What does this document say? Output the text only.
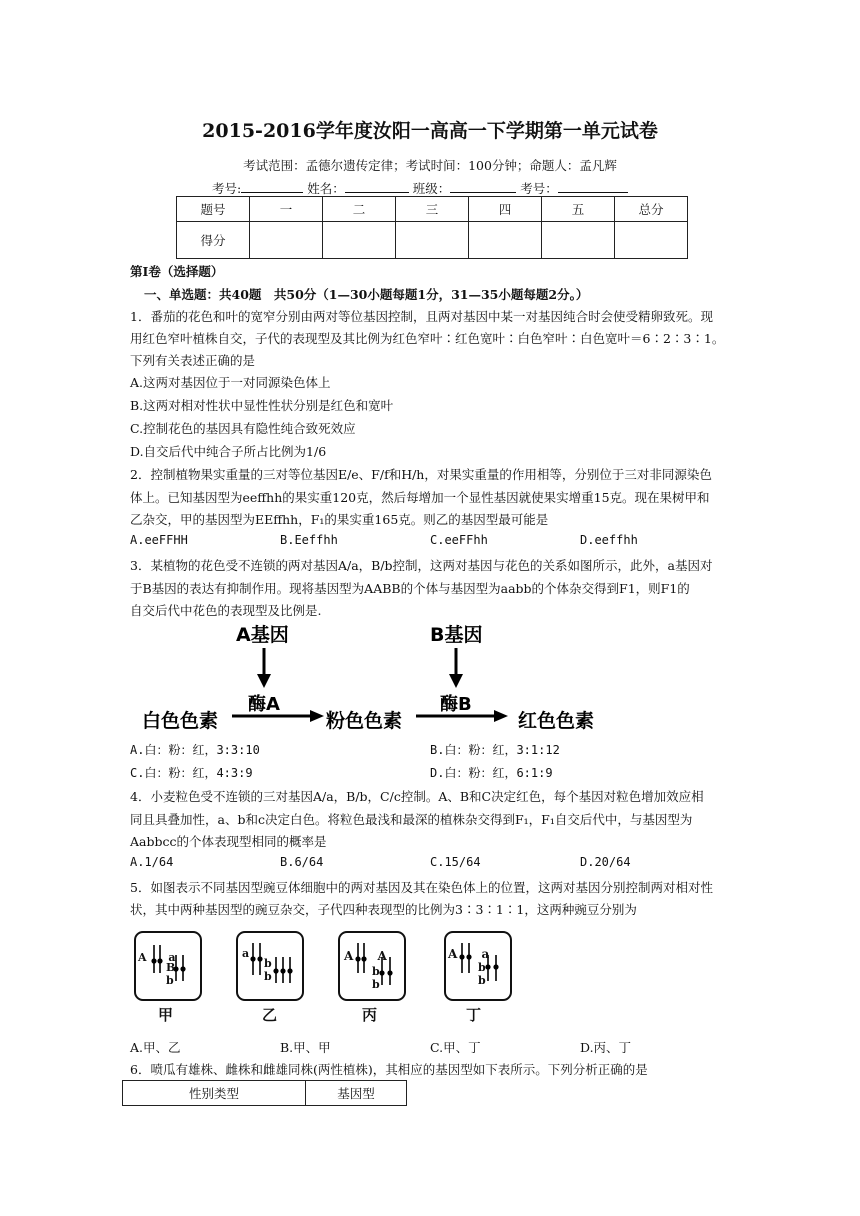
2015-2016学年度汝阳一高高一下学期第一单元试卷
考试范围：孟德尔遗传定律；考试时间：100分钟；命题人：孟凡辉
考号:	姓名：	班级：	考号：
题号	一	二	三	四	五	总分
得分						
第Ⅰ卷（选择题）
一、单选题：共40题　共50分（1—30小题每题1分，31—35小题每题2分。）
1．番茄的花色和叶的宽窄分别由两对等位基因控制，且两对基因中某一对基因纯合时会使受精卵致死。现
用红色窄叶植株自交，子代的表现型及其比例为红色窄叶∶红色宽叶∶白色窄叶∶白色宽叶＝6∶2∶3∶1。
下列有关表述正确的是
A.这两对基因位于一对同源染色体上
B.这两对相对性状中显性性状分别是红色和宽叶
C.控制花色的基因具有隐性纯合致死效应
D.自交后代中纯合子所占比例为1/6
2．控制植物果实重量的三对等位基因E/e、F/f和H/h，对果实重量的作用相等，分别位于三对非同源染色
体上。已知基因型为eeffhh的果实重120克，然后每增加一个显性基因就使果实增重15克。现在果树甲和
乙杂交，甲的基因型为EEffhh，F₁的果实重165克。则乙的基因型最可能是
A.eeFFHH	B.Eeffhh	C.eeFFhh	D.eeffhh
3．某植物的花色受不连锁的两对基因A/a，B/b控制，这两对基因与花色的关系如图所示，此外，a基因对
于B基因的表达有抑制作用。现将基因型为AABB的个体与基因型为aabb的个体杂交得到F1，则F1的
自交后代中花色的表现型及比例是.
A基因	B基因
酶A	酶B
白色色素	粉色色素	红色色素
A.白：粉：红，3:3:10	B.白：粉：红，3:1:12
C.白：粉：红，4:3:9	D.白：粉：红，6:1:9
4．小麦粒色受不连锁的三对基因A/a，B/b，C/c控制。A、B和C决定红色，每个基因对粒色增加效应相
同且具叠加性，a、b和c决定白色。将粒色最浅和最深的植株杂交得到F₁，F₁自交后代中，与基因型为
Aabbcc的个体表现型相同的概率是
A.1/64	B.6/64	C.15/64	D.20/64
5．如图表示不同基因型豌豆体细胞中的两对基因及其在染色体上的位置，这两对基因分别控制两对相对性
状，其中两种基因型的豌豆杂交，子代四种表现型的比例为3∶3∶1∶1，这两种豌豆分别为
A a
B b
甲
a
b b
乙
A A
b b
丙
A a
b b
丁
A.甲、乙	B.甲、甲	C.甲、丁	D.丙、丁
6．喷瓜有雄株、雌株和雌雄同株(两性植株)，其相应的基因型如下表所示。下列分析正确的是
性别类型	基因型
